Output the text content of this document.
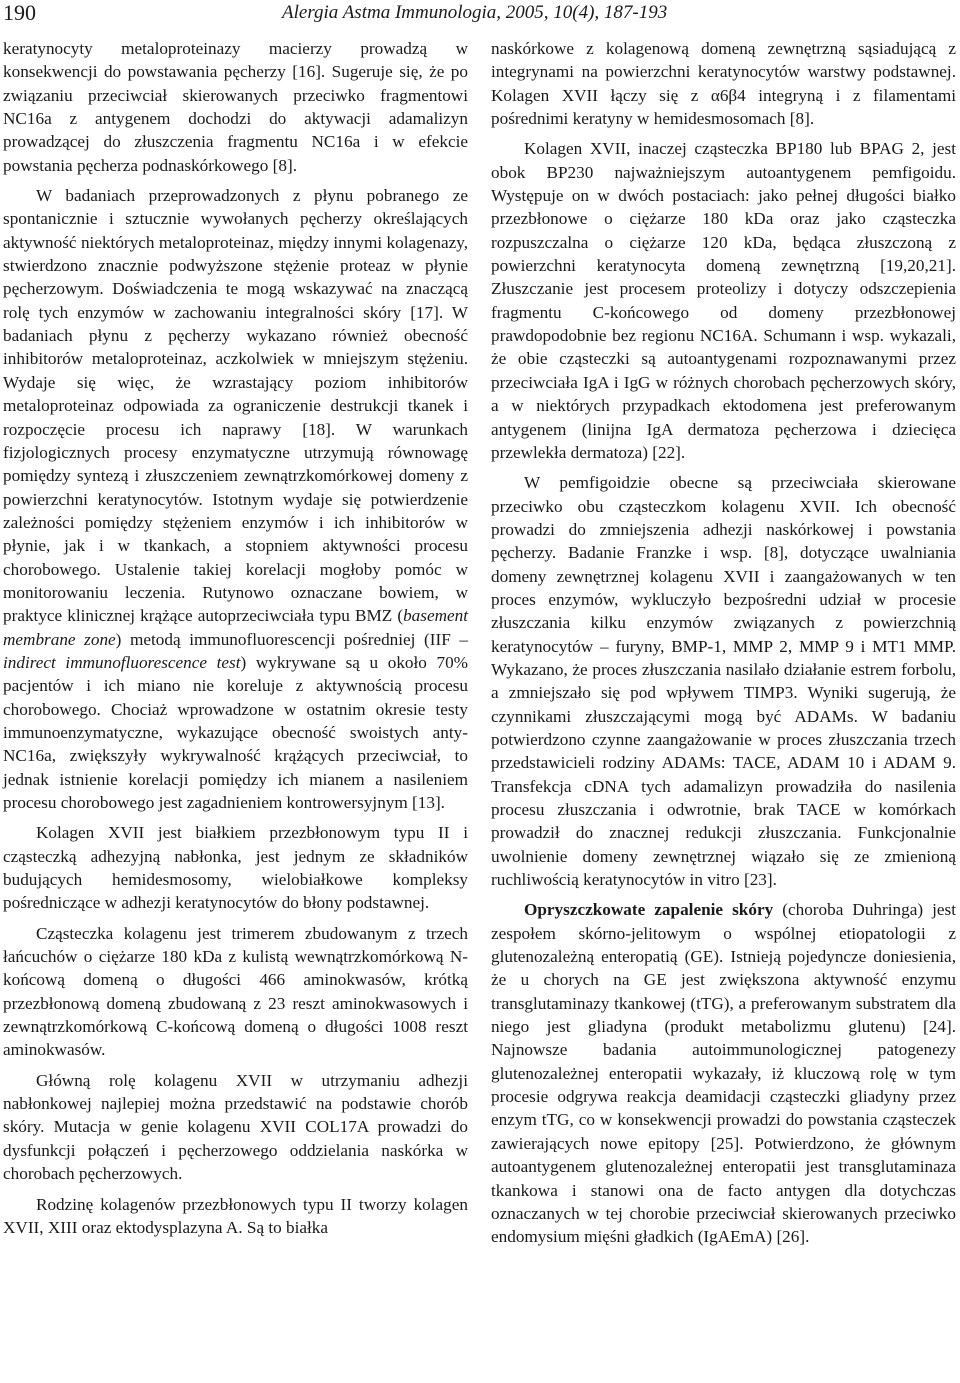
190	Alergia Astma Immunologia, 2005, 10(4), 187-193

keratynocyty metaloproteinazy macierzy prowadzą w konsekwencji do powstawania pęcherzy [16]. Sugeruje się, że po związaniu przeciwciał skierowanych przeciwko fragmentowi NC16a z antygenem dochodzi do aktywacji adamalizyn prowadzącej do złuszczenia fragmentu NC16a i w efekcie powstania pęcherza podnaskórkowego [8].

W badaniach przeprowadzonych z płynu pobranego ze spontanicznie i sztucznie wywołanych pęcherzy określających aktywność niektórych metaloproteinaz, między innymi kolagenazy, stwierdzono znacznie podwyższone stężenie proteaz w płynie pęcherzowym. Doświadczenia te mogą wskazywać na znaczącą rolę tych enzymów w zachowaniu integralności skóry [17]. W badaniach płynu z pęcherzy wykazano również obecność inhibitorów metaloproteinaz, aczkolwiek w mniejszym stężeniu. Wydaje się więc, że wzrastający poziom inhibitorów metaloproteinaz odpowiada za ograniczenie destrukcji tkanek i rozpoczęcie procesu ich naprawy [18]. W warunkach fizjologicznych procesy enzymatyczne utrzymują równowagę pomiędzy syntezą i złuszczeniem zewnątrzkomórkowej domeny z powierzchni keratynocytów. Istotnym wydaje się potwierdzenie zależności pomiędzy stężeniem enzymów i ich inhibitorów w płynie, jak i w tkankach, a stopniem aktywności procesu chorobowego. Ustalenie takiej korelacji mogłoby pomóc w monitorowaniu leczenia. Rutynowo oznaczane bowiem, w praktyce klinicznej krążące autoprzeciwciała typu BMZ (basement membrane zone) metodą immunofluorescencji pośredniej (IIF – indirect immunofluorescence test) wykrywane są u około 70% pacjentów i ich miano nie koreluje z aktywnością procesu chorobowego. Chociaż wprowadzone w ostatnim okresie testy immunoenzymatyczne, wykazujące obecność swoistych anty-NC16a, zwiększyły wykrywalność krążących przeciwciał, to jednak istnienie korelacji pomiędzy ich mianem a nasileniem procesu chorobowego jest zagadnieniem kontrowersyjnym [13].

Kolagen XVII jest białkiem przezbłonowym typu II i cząsteczką adhezyjną nabłonka, jest jednym ze składników budujących hemidesmosomy, wielobiałkowe kompleksy pośredniczące w adhezji keratynocytów do błony podstawnej.

Cząsteczka kolagenu jest trimerem zbudowanym z trzech łańcuchów o ciężarze 180 kDa z kulistą wewnątrzkomórkową N-końcową domeną o długości 466 aminokwasów, krótką przezbłonową domeną zbudowaną z 23 reszt aminokwasowych i zewnątrzkomórkową C-końcową domeną o długości 1008 reszt aminokwasów.

Główną rolę kolagenu XVII w utrzymaniu adhezji nabłonkowej najlepiej można przedstawić na podstawie chorób skóry. Mutacja w genie kolagenu XVII COL17A prowadzi do dysfunkcji połączeń i pęcherzowego oddzielania naskórka w chorobach pęcherzowych.

Rodzinę kolagenów przezbłonowych typu II tworzy kolagen XVII, XIII oraz ektodysplazyna A. Są to białka

naskórkowe z kolagenową domeną zewnętrzną sąsiadującą z integrynami na powierzchni keratynocytów warstwy podstawnej. Kolagen XVII łączy się z α6β4 integryną i z filamentami pośrednimi keratyny w hemidesmosomach [8].

Kolagen XVII, inaczej cząsteczka BP180 lub BPAG 2, jest obok BP230 najważniejszym autoantygenem pemfigoidu. Występuje on w dwóch postaciach: jako pełnej długości białko przezbłonowe o ciężarze 180 kDa oraz jako cząsteczka rozpuszczalna o ciężarze 120 kDa, będąca złuszczoną z powierzchni keratynocyta domeną zewnętrzną [19,20,21]. Złuszczanie jest procesem proteolizy i dotyczy odszczepienia fragmentu C-końcowego od domeny przezbłonowej prawdopodobnie bez regionu NC16A. Schumann i wsp. wykazali, że obie cząsteczki są autoantygenami rozpoznawanymi przez przeciwciała IgA i IgG w różnych chorobach pęcherzowych skóry, a w niektórych przypadkach ektodomena jest preferowanym antygenem (linijna IgA dermatoza pęcherzowa i dziecięca przewlekła dermatoza) [22].

W pemfigoidzie obecne są przeciwciała skierowane przeciwko obu cząsteczkom kolagenu XVII. Ich obecność prowadzi do zmniejszenia adhezji naskórkowej i powstania pęcherzy. Badanie Franzke i wsp. [8], dotyczące uwalniania domeny zewnętrznej kolagenu XVII i zaangażowanych w ten proces enzymów, wykluczyło bezpośredni udział w procesie złuszczania kilku enzymów związanych z powierzchnią keratynocytów – furyny, BMP-1, MMP 2, MMP 9 i MT1 MMP. Wykazano, że proces złuszczania nasilało działanie estrem forbolu, a zmniejszało się pod wpływem TIMP3. Wyniki sugerują, że czynnikami złuszczającymi mogą być ADAMs. W badaniu potwierdzono czynne zaangażowanie w proces złuszczania trzech przedstawicieli rodziny ADAMs: TACE, ADAM 10 i ADAM 9. Transfekcja cDNA tych adamalizyn prowadziła do nasilenia procesu złuszczania i odwrotnie, brak TACE w komórkach prowadził do znacznej redukcji złuszczania. Funkcjonalnie uwolnienie domeny zewnętrznej wiązało się ze zmienioną ruchliwością keratynocytów in vitro [23].

Opryszczkowate zapalenie skóry (choroba Duhringa) jest zespołem skórno-jelitowym o wspólnej etiopatologii z glutenozależną enteropatią (GE). Istnieją pojedyncze doniesienia, że u chorych na GE jest zwiększona aktywność enzymu transglutaminazy tkankowej (tTG), a preferowanym substratem dla niego jest gliadyna (produkt metabolizmu glutenu) [24]. Najnowsze badania autoimmunologicznej patogenezy glutenozależnej enteropatii wykazały, iż kluczową rolę w tym procesie odgrywa reakcja deamidacji cząsteczki gliadyny przez enzym tTG, co w konsekwencji prowadzi do powstania cząsteczek zawierających nowe epitopy [25]. Potwierdzono, że głównym autoantygenem glutenozależnej enteropatii jest transglutaminaza tkankowa i stanowi ona de facto antygen dla dotychczas oznaczanych w tej chorobie przeciwciał skierowanych przeciwko endomysium mięśni gładkich (IgAEmA) [26].
